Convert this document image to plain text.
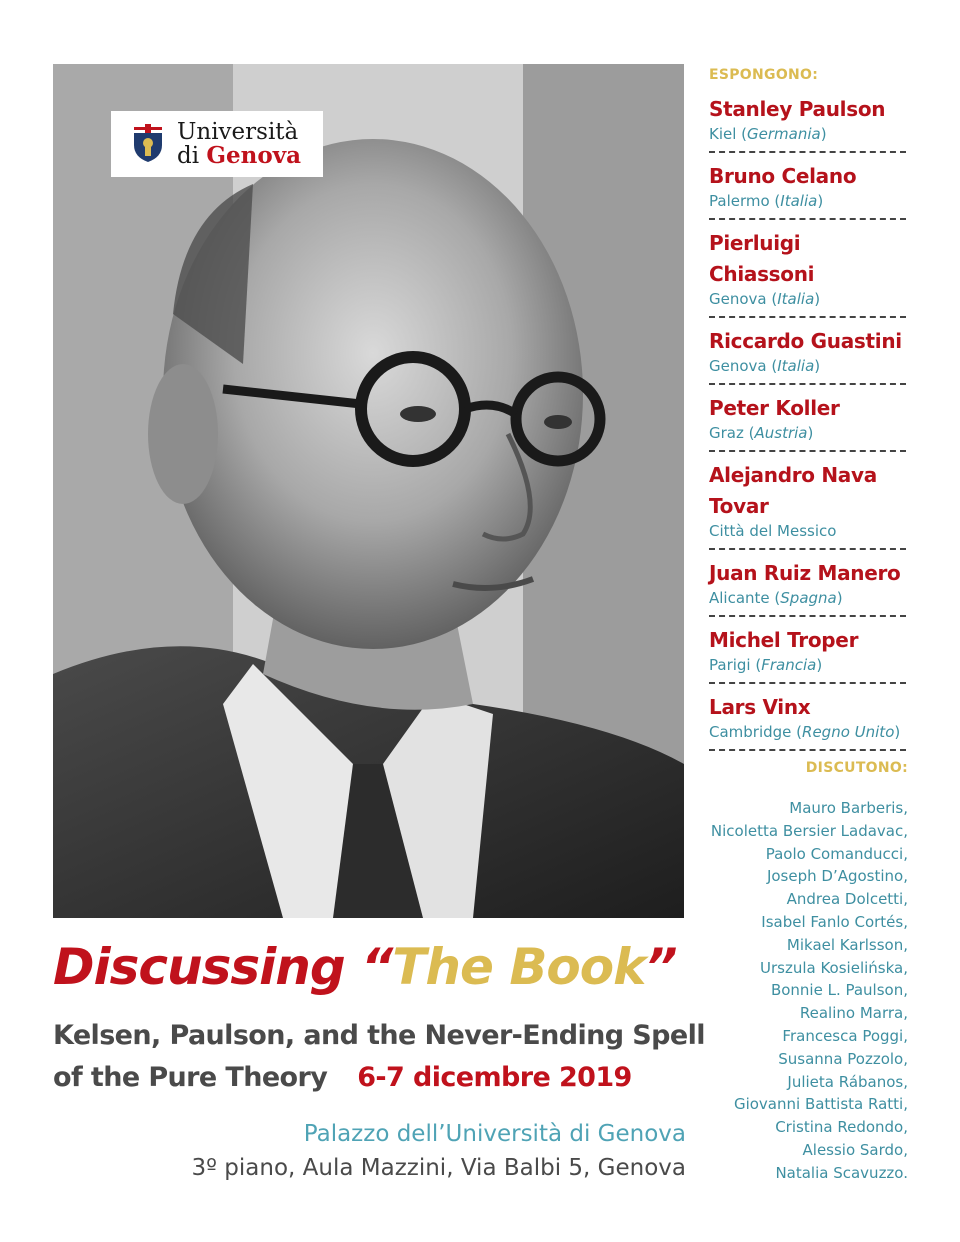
Università
di Genova
Discussing “The Book”
Kelsen, Paulson, and the Never-Ending Spell
of the Pure Theory 6-7 dicembre 2019
Palazzo dell’Università di Genova
3º piano, Aula Mazzini, Via Balbi 5, Genova
ESPONGONO:
Stanley Paulson
Kiel (Germania)
Bruno Celano
Palermo (Italia)
Pierluigi Chiassoni
Genova (Italia)
Riccardo Guastini
Genova (Italia)
Peter Koller
Graz (Austria)
Alejandro Nava Tovar
Città del Messico
Juan Ruiz Manero
Alicante (Spagna)
Michel Troper
Parigi (Francia)
Lars Vinx
Cambridge (Regno Unito)
DISCUTONO:
Mauro Barberis,
Nicoletta Bersier Ladavac,
Paolo Comanducci,
Joseph D’Agostino,
Andrea Dolcetti,
Isabel Fanlo Cortés,
Mikael Karlsson,
Urszula Kosielińska,
Bonnie L. Paulson,
Realino Marra,
Francesca Poggi,
Susanna Pozzolo,
Julieta Rábanos,
Giovanni Battista Ratti,
Cristina Redondo,
Alessio Sardo,
Natalia Scavuzzo.
